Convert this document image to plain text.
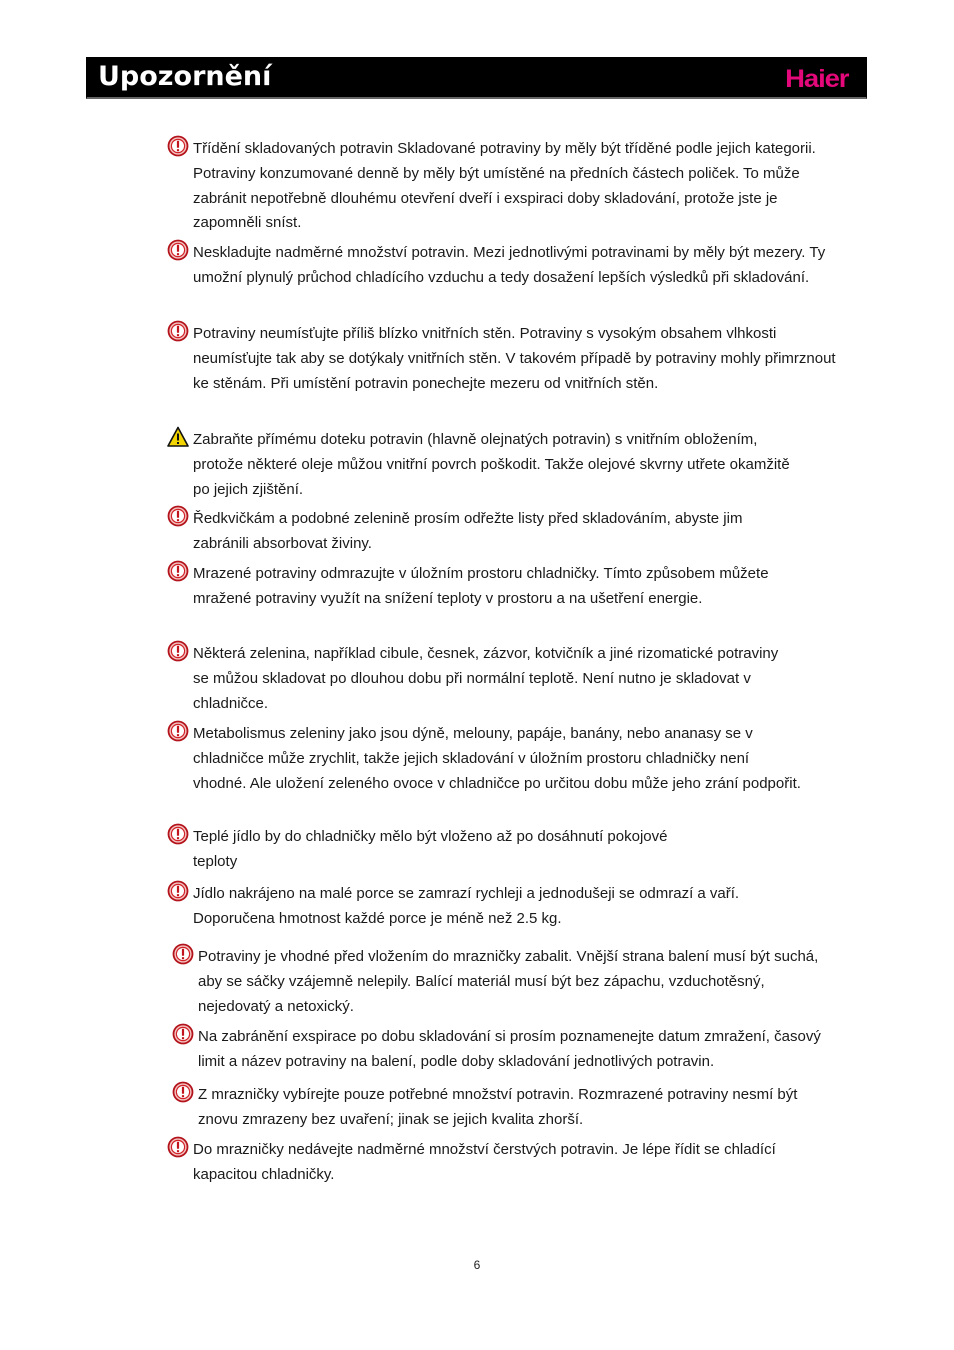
Upozornění	Haier
Třídění skladovaných potravin Skladované potraviny by měly být tříděné podle jejich kategorii. Potraviny konzumované denně by měly být umístěné na předních částech poliček. To může zabránit nepotřebně dlouhému otevření dveří i exspiraci doby skladování, protože jste je zapomněli sníst.
Neskladujte nadměrné množství potravin. Mezi jednotlivými potravinami by měly být mezery. Ty umožní plynulý průchod chladícího vzduchu a tedy dosažení lepších výsledků při skladování.
Potraviny neumísťujte příliš blízko vnitřních stěn. Potraviny s vysokým obsahem vlhkosti neumísťujte tak aby se dotýkaly vnitřních stěn. V takovém případě by potraviny mohly přimrznout ke stěnám. Při umístění potravin ponechejte mezeru od vnitřních stěn.
Zabraňte přímému doteku potravin (hlavně olejnatých potravin) s vnitřním obložením, protože některé oleje můžou vnitřní povrch poškodit. Takže olejové skvrny utřete okamžitě po jejich zjištění.
Ředkvičkám a podobné zelenině prosím odřežte listy před skladováním, abyste jim zabránili absorbovat živiny.
Mrazené potraviny odmrazujte v úložním prostoru chladničky. Tímto způsobem můžete mražené potraviny využít na snížení teploty v prostoru a na ušetření energie.
Některá zelenina, například cibule, česnek, zázvor, kotvičník a jiné rizomatické potraviny se můžou skladovat po dlouhou dobu při normální teplotě. Není nutno je skladovat v chladničce.
Metabolismus zeleniny jako jsou dýně, melouny, papáje, banány, nebo ananasy se v chladničce může zrychlit, takže jejich skladování v úložním prostoru chladničky není vhodné. Ale uložení zeleného ovoce v chladničce po určitou dobu může jeho zrání podpořit.
Teplé jídlo by do chladničky mělo být vloženo až po dosáhnutí pokojové teploty
Jídlo nakrájeno na malé porce se zamrazí rychleji a jednodušeji se odmrazí a vaří. Doporučena hmotnost každé porce je méně než 2.5 kg.
Potraviny je vhodné před vložením do mrazničky zabalit. Vnější strana balení musí být suchá, aby se sáčky vzájemně nelepily. Balící materiál musí být bez zápachu, vzduchotěsný, nejedovatý a netoxický.
Na zabránění exspirace po dobu skladování si prosím poznamenejte datum zmražení, časový limit a název potraviny na balení, podle doby skladování jednotlivých potravin.
Z mrazničky vybírejte pouze potřebné množství potravin. Rozmrazené potraviny nesmí být znovu zmrazeny bez uvaření; jinak se jejich kvalita zhorší.
Do mrazničky nedávejte nadměrné množství čerstvých potravin. Je lépe řídit se chladící kapacitou chladničky.
6
